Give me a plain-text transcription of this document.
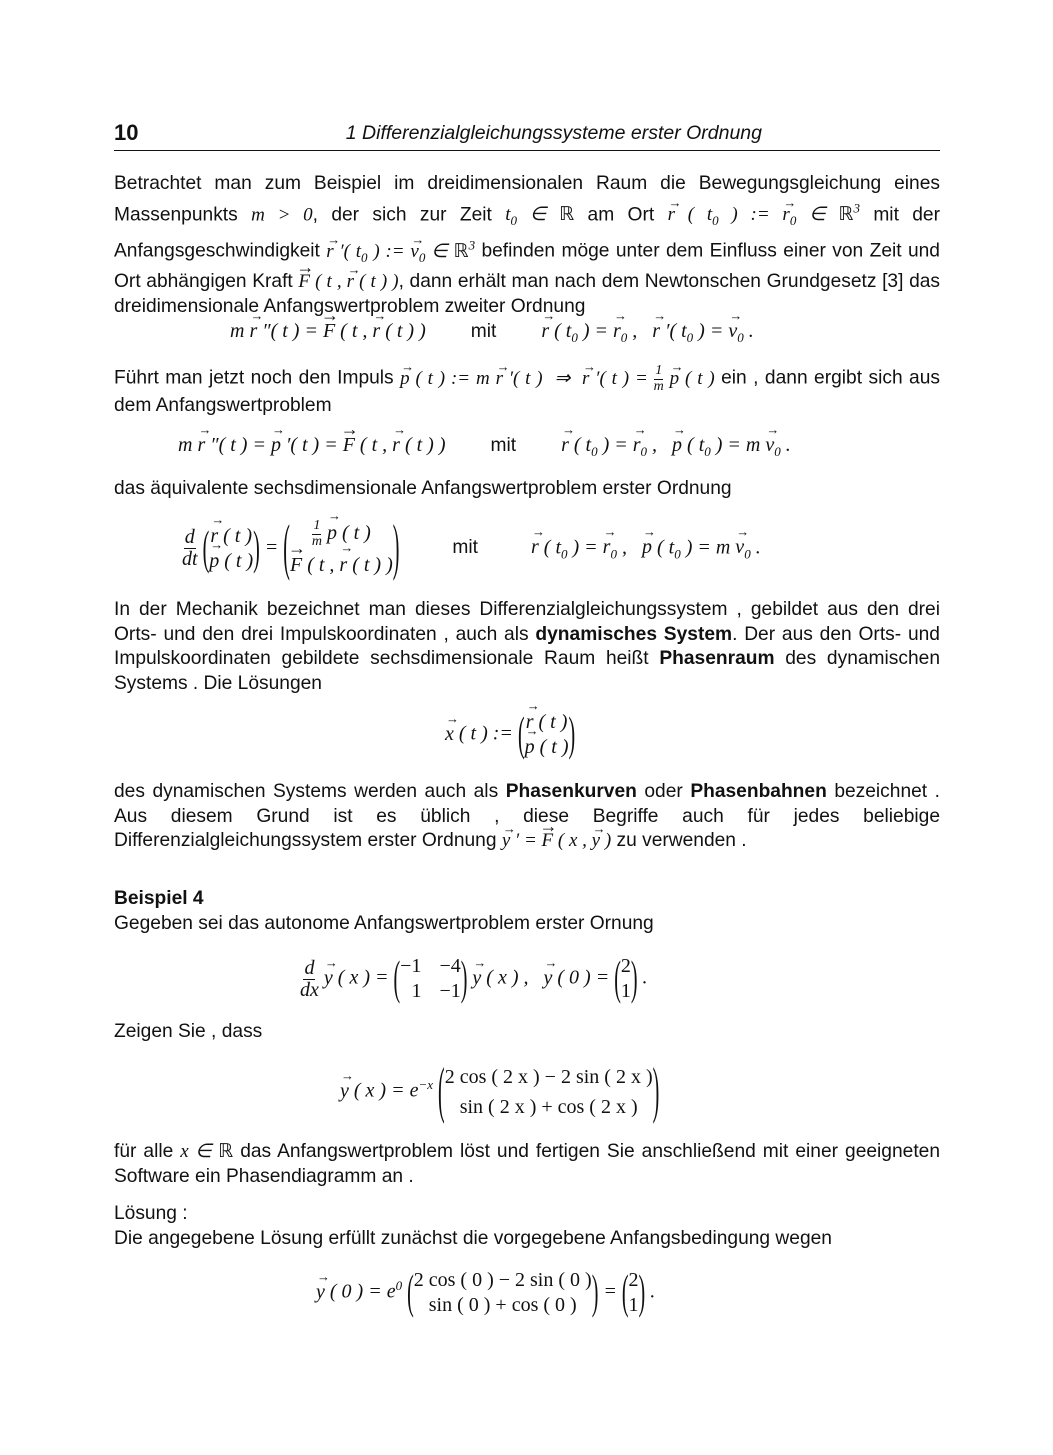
10	1 Differenzialgleichungssysteme erster Ordnung
Betrachtet man zum Beispiel im dreidimensionalen Raum die Bewegungsgleichung eines Massenpunkts m > 0, der sich zur Zeit $t_0$ ∈ ℝ am Ort → r ( $t_0$ ) := → $r_0$ ∈ ℝ$^3$ mit der Anfangsgeschwindigkeit → r ′( $t_0$ ) := → $v_0$ ∈ ℝ$^3$ befinden möge unter dem Einfluss einer von Zeit und Ort abhängigen Kraft → F ( t , → r ( t ) ), dann erhält man nach dem Newtonschen Grundgesetz [3] das dreidimensionale Anfangswertproblem zweiter Ordnung
m → r ″( t ) = → F ( t , → r ( t ) ) mit → r ( $t_0$ ) = → $r_0$ ,   → r ′( $t_0$ ) = → $v_0$ .
Führt man jetzt noch den Impuls → p ( t ) := m → r ′( t )  ⇒  → r ′( t ) = $\frac{1}{m}$
→ p ( t ) ein , dann ergibt sich aus dem Anfangswertproblem
m → r ″( t ) = → p ′( t ) = → F ( t , → r ( t ) ) mit → r ( $t_0$ ) = → $r_0$ ,   → p ( $t_0$ ) = $m \to v_0$ .
das äquivalente sechsdimensionale Anfangswertproblem erster Ordnung
$\frac{d}{dt}$ (
→ r ( t )
→ p ( t ) ) = ( $\frac{1}{m}$
→ p ( t )
→ F ( t , → r ( t ) ) )	mit →	r ( $t_0$ ) = → $r_0$ ,   → p ( $t_0$ ) = $m \to v_0$ .
In der Mechanik bezeichnet man dieses Differenzialgleichungssystem , gebildet aus den drei Orts- und den drei Impulskoordinaten , auch als dynamisches System. Der aus den Orts- und Impulskoordinaten gebildete sechsdimensionale Raum heißt Phasenraum des dynamischen Systems . Die Lösungen
→ x ( t ) := (
→ r ( t )
→ p ( t ) )
des dynamischen Systems werden auch als Phasenkurven oder Phasenbahnen bezeichnet . Aus diesem Grund ist es üblich , diese Begriffe auch für jedes beliebige Differenzialgleichungssystem erster Ordnung → y ′ = → F ( x , → y ) zu verwenden .
Beispiel 4
Gegeben sei das autonome Anfangswertproblem erster Ornung
$\frac{d}{dx}$
→ y ( x ) = ( −1 −4
1 −1 ) → y ( x ) ,   → y ( 0 ) = ( 2
1 ) .
Zeigen Sie , dass
→ y ( x ) = $e^{-x}$ ( 2 cos ( 2 x ) − 2 sin ( 2 x )
sin ( 2 x ) + cos ( 2 x ) )
für alle x ∈ ℝ das Anfangswertproblem löst und fertigen Sie anschließend mit einer geeigneten Software ein Phasendiagramm an .
Lösung :
Die angegebene Lösung erfüllt zunächst die vorgegebene Anfangsbedingung wegen
→ y ( 0 ) = $e^0$ ( 2 cos ( 0 ) − 2 sin ( 0 )
sin ( 0 ) + cos ( 0 ) ) = ( 2
1 ) .
